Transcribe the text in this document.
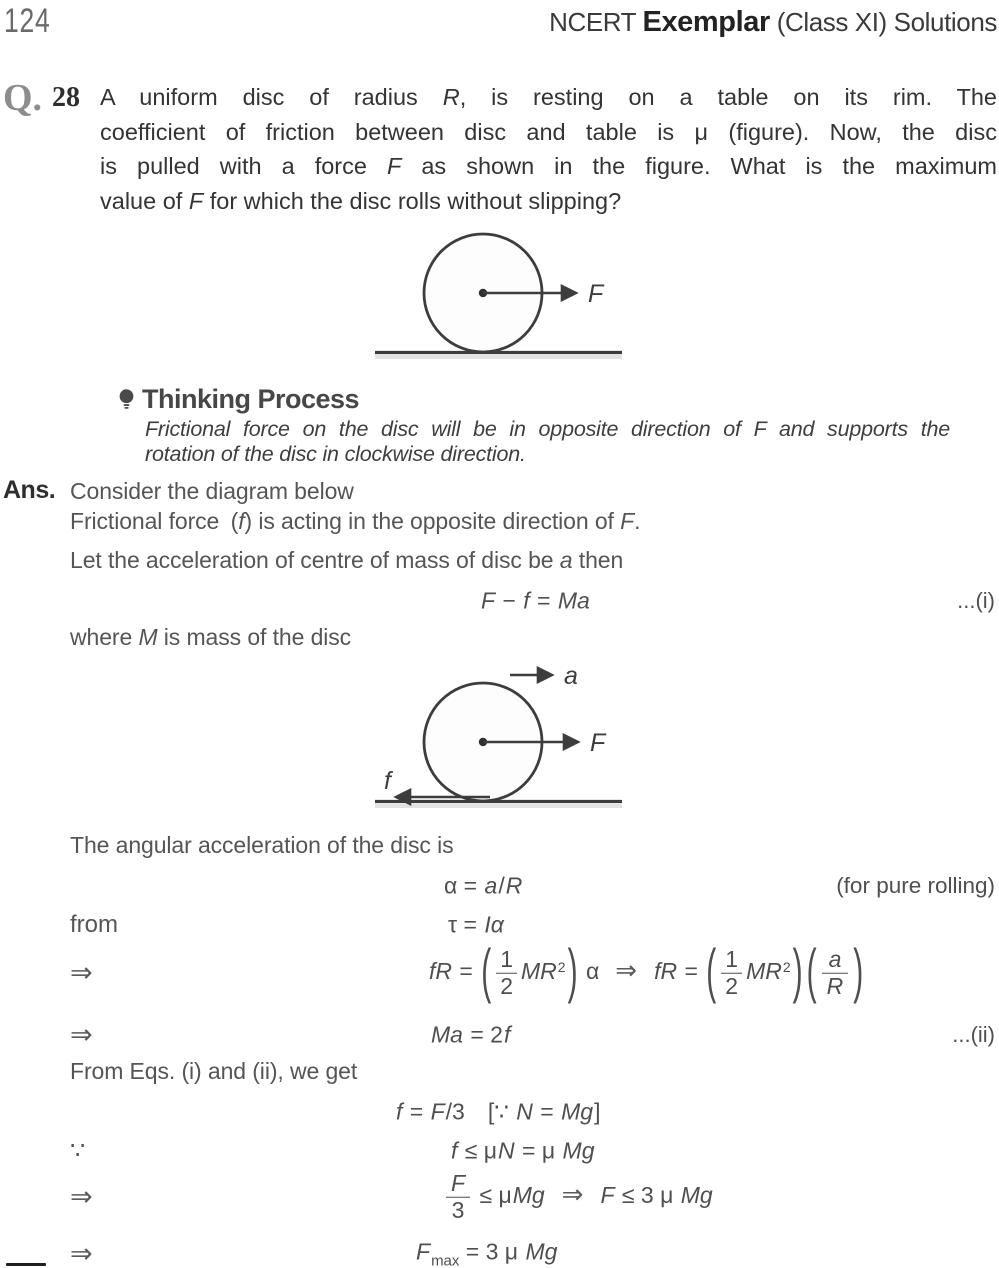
124	NCERT Exemplar (Class XI) Solutions
Q. 28 A uniform disc of radius R, is resting on a table on its rim. The
coefficient of friction between disc and table is μ (figure). Now, the disc
is pulled with a force F as shown in the figure. What is the maximum
value of F for which the disc rolls without slipping?
F
Thinking Process
Frictional force on the disc will be in opposite direction of F and supports the
rotation of the disc in clockwise direction.
Ans. Consider the diagram below
Frictional force (f) is acting in the opposite direction of F.
Let the acceleration of centre of mass of disc be a then
F − f = Ma	...(i)
where M is mass of the disc
a
F
f
The angular acceleration of the disc is
α = a/R	(for pure rolling)
from	τ = Iα
⇒	fR = ( $\frac{1}{2} MR^2$) α ⇒ fR = ( $\frac{1}{2} MR^2$) ( $\frac{a}{R}$ )
⇒	Ma = 2f	...(ii)
From Eqs. (i) and (ii), we get
f = F/3 [∵ N = Mg]
∵	f ≤ μN = μ Mg
⇒	$\frac{F}{3} \le \mu Mg$ ⇒ F ≤ 3 μ Mg
⇒	$F_{max} = 3$ μ Mg
